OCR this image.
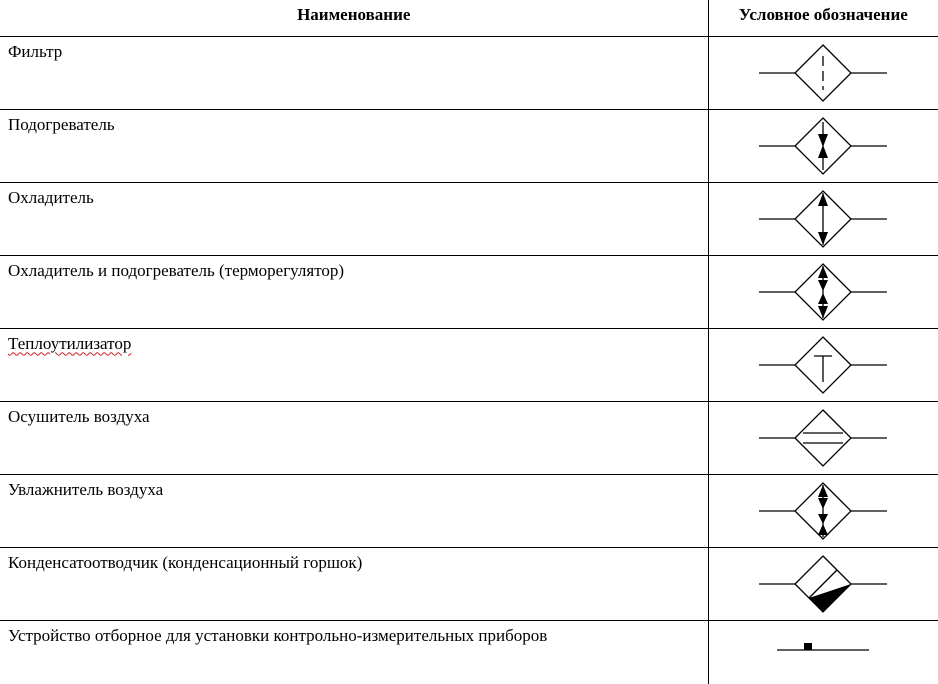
Наименование	Условное обозначение
Фильтр	

Подогреватель	

Охладитель	

Охладитель и подогреватель (терморегулятор)	

Теплоутилизатор	

Осушитель воздуха	

Увлажнитель воздуха	

Конденсатоотводчик (конденсационный горшок)	

Устройство отборное для установки контрольно-измерительных приборов	
